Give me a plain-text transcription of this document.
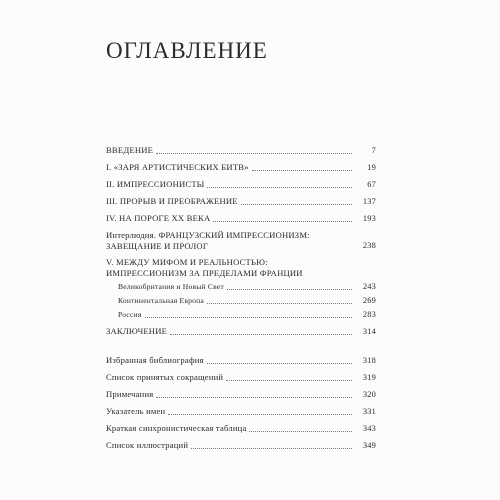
ОГЛАВЛЕНИЕ
ВВЕДЕНИЕ	7
I. «ЗАРЯ АРТИСТИЧЕСКИХ БИТВ»	19
II. ИМПРЕССИОНИСТЫ	67
III. ПРОРЫВ И ПРЕОБРАЖЕНИЕ	137
IV. НА ПОРОГЕ XX ВЕКА	193
Интерлюдия. ФРАНЦУЗСКИЙ ИМПРЕССИОНИЗМ:
ЗАВЕЩАНИЕ И ПРОЛОГ	238
V. МЕЖДУ МИФОМ И РЕАЛЬНОСТЬЮ:
ИМПРЕССИОНИЗМ ЗА ПРЕДЕЛАМИ ФРАНЦИИ
Великобритания и Новый Свет	243
Континентальная Европа	269
Россия	283
ЗАКЛЮЧЕНИЕ	314
Избранная библиография	318
Список принятых сокращений	319
Примечания	320
Указатель имен	331
Краткая синхронистическая таблица	343
Список иллюстраций	349
